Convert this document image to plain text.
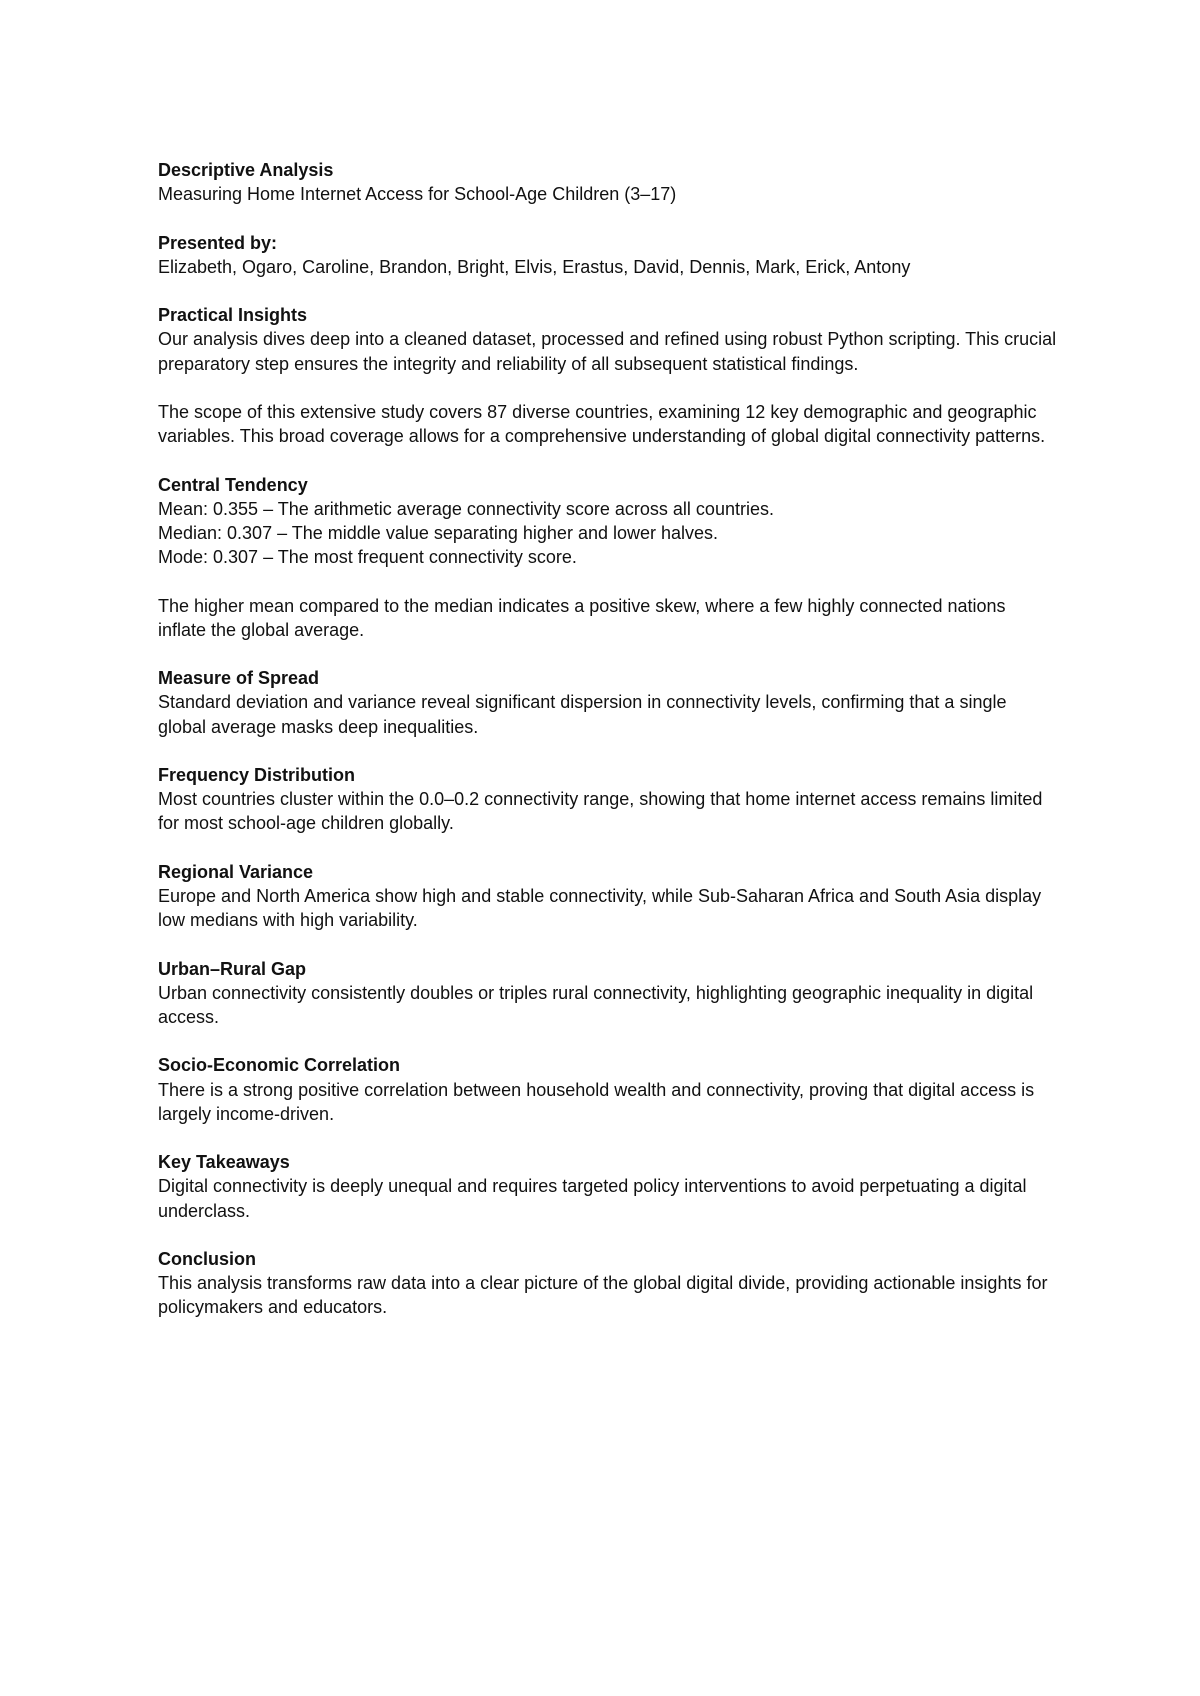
Descriptive Analysis
Measuring Home Internet Access for School-Age Children (3–17)
Presented by:
Elizabeth, Ogaro, Caroline, Brandon, Bright, Elvis, Erastus, David, Dennis, Mark, Erick, Antony
Practical Insights
Our analysis dives deep into a cleaned dataset, processed and refined using robust Python scripting. This crucial preparatory step ensures the integrity and reliability of all subsequent statistical findings.
The scope of this extensive study covers 87 diverse countries, examining 12 key demographic and geographic variables. This broad coverage allows for a comprehensive understanding of global digital connectivity patterns.
Central Tendency
Mean: 0.355 – The arithmetic average connectivity score across all countries.
Median: 0.307 – The middle value separating higher and lower halves.
Mode: 0.307 – The most frequent connectivity score.
The higher mean compared to the median indicates a positive skew, where a few highly connected nations inflate the global average.
Measure of Spread
Standard deviation and variance reveal significant dispersion in connectivity levels, confirming that a single global average masks deep inequalities.
Frequency Distribution
Most countries cluster within the 0.0–0.2 connectivity range, showing that home internet access remains limited for most school-age children globally.
Regional Variance
Europe and North America show high and stable connectivity, while Sub-Saharan Africa and South Asia display low medians with high variability.
Urban–Rural Gap
Urban connectivity consistently doubles or triples rural connectivity, highlighting geographic inequality in digital access.
Socio-Economic Correlation
There is a strong positive correlation between household wealth and connectivity, proving that digital access is largely income-driven.
Key Takeaways
Digital connectivity is deeply unequal and requires targeted policy interventions to avoid perpetuating a digital underclass.
Conclusion
This analysis transforms raw data into a clear picture of the global digital divide, providing actionable insights for policymakers and educators.
